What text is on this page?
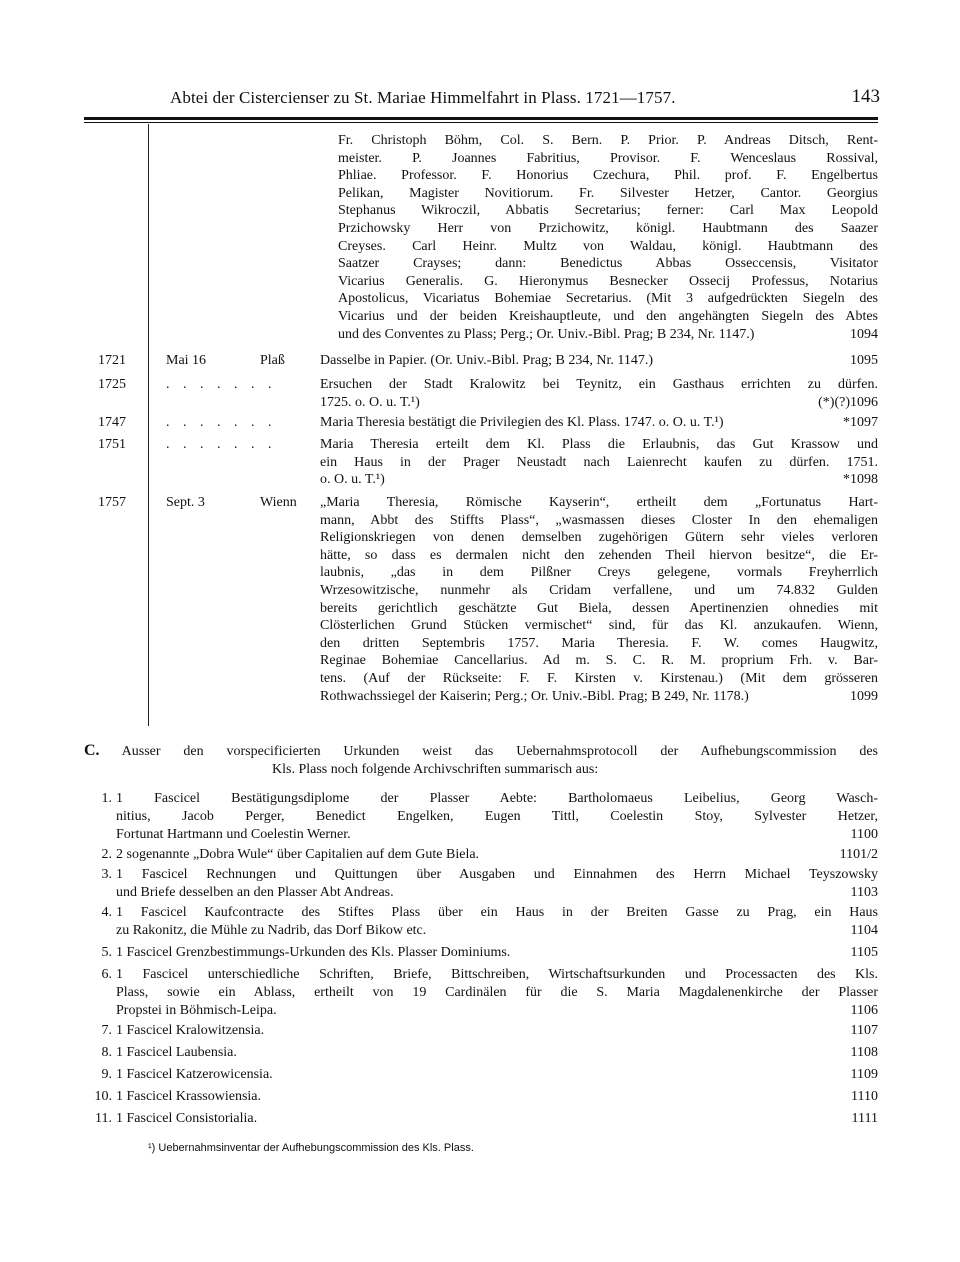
Abtei der Cistercienser zu St. Mariae Himmelfahrt in Plass. 1721—1757.	143
Fr. Christoph Böhm, Col. S. Bern. P. Prior. P. Andreas Ditsch, Rent-
meister. P. Joannes Fabritius, Provisor. F. Wenceslaus Rossival,
Phliae. Professor. F. Honorius Czechura, Phil. prof. F. Engelbertus
Pelikan, Magister Novitiorum. Fr. Silvester Hetzer, Cantor. Georgius
Stephanus Wikroczil, Abbatis Secretarius; ferner: Carl Max Leopold
Przichowsky Herr von Przichowitz, königl. Haubtmann des Saazer
Creyses. Carl Heinr. Multz von Waldau, königl. Haubtmann des
Saatzer Crayses; dann: Benedictus Abbas Osseccensis, Visitator
Vicarius Generalis. G. Hieronymus Besnecker Ossecij Professus, Notarius
Apostolicus, Vicariatus Bohemiae Secretarius. (Mit 3 aufgedrückten Siegeln des
Vicarius und der beiden Kreishauptleute, und den angehängten Siegeln des Abtes
und des Conventes zu Plass; Perg.; Or. Univ.-Bibl. Prag; B 234, Nr. 1147.)	1094
1721	Mai 16	Plaß	Dasselbe in Papier. (Or. Univ.-Bibl. Prag; B 234, Nr. 1147.)	1095
1725	. . . . . . .	Ersuchen der Stadt Kralowitz bei Teynitz, ein Gasthaus errichten zu dürfen.
1725. o. O. u. T.¹)	(*)(?)1096
1747	. . . . . . .	Maria Theresia bestätigt die Privilegien des Kl. Plass. 1747. o. O. u. T.¹)	*1097
1751	. . . . . . .	Maria Theresia erteilt dem Kl. Plass die Erlaubnis, das Gut Krassow und
ein Haus in der Prager Neustadt nach Laienrecht kaufen zu dürfen. 1751.
o. O. u. T.¹)	*1098
1757	Sept. 3	Wienn	„Maria Theresia, Römische Kayserin“, ertheilt dem „Fortunatus Hart-
mann, Abbt des Stiffts Plass“, „wasmassen dieses Closter In den ehemaligen
Religionskriegen von denen demselben zugehörigen Gütern sehr vieles verloren
hätte, so dass es dermalen nicht den zehenden Theil hiervon besitze“, die Er-
laubnis, „das in dem Pilßner Creys gelegene, vormals Freyherrlich
Wrzesowitzische, nunmehr als Cridam verfallene, und um 74.832 Gulden
bereits gerichtlich geschätzte Gut Biela, dessen Apertinenzien ohnedies mit
Clösterlichen Grund Stücken vermischet“ sind, für das Kl. anzukaufen. Wienn,
den dritten Septembris 1757. Maria Theresia. F. W. comes Haugwitz,
Reginae Bohemiae Cancellarius. Ad m. S. C. R. M. proprium Frh. v. Bar-
tens. (Auf der Rückseite: F. F. Kirsten v. Kirstenau.) (Mit dem grösseren
Rothwachssiegel der Kaiserin; Perg.; Or. Univ.-Bibl. Prag; B 249, Nr. 1178.)	1099
C. Ausser den vorspecificierten Urkunden weist das Uebernahmsprotocoll der Aufhebungscommission des
Kls. Plass noch folgende Archivschriften summarisch aus:
1. 1 Fascicel Bestätigungsdiplome der Plasser Aebte: Bartholomaeus Leibelius, Georg Wasch-
nitius, Jacob Perger, Benedict Engelken, Eugen Tittl, Coelestin Stoy, Sylvester Hetzer,
Fortunat Hartmann und Coelestin Werner.	1100
2. 2 sogenannte „Dobra Wule“ über Capitalien auf dem Gute Biela.	1101/2
3. 1 Fascicel Rechnungen und Quittungen über Ausgaben und Einnahmen des Herrn Michael Teyszowsky
und Briefe desselben an den Plasser Abt Andreas.	1103
4. 1 Fascicel Kaufcontracte des Stiftes Plass über ein Haus in der Breiten Gasse zu Prag, ein Haus
zu Rakonitz, die Mühle zu Nadrib, das Dorf Bikow etc.	1104
5. 1 Fascicel Grenzbestimmungs-Urkunden des Kls. Plasser Dominiums.	1105
6. 1 Fascicel unterschiedliche Schriften, Briefe, Bittschreiben, Wirtschaftsurkunden und Processacten des Kls.
Plass, sowie ein Ablass, ertheilt von 19 Cardinälen für die S. Maria Magdalenenkirche der Plasser
Propstei in Böhmisch-Leipa.	1106
7. 1 Fascicel Kralowitzensia.	1107
8. 1 Fascicel Laubensia.	1108
9. 1 Fascicel Katzerowicensia.	1109
10. 1 Fascicel Krassowiensia.	1110
11. 1 Fascicel Consistorialia.	1111
¹) Uebernahmsinventar der Aufhebungscommission des Kls. Plass.
